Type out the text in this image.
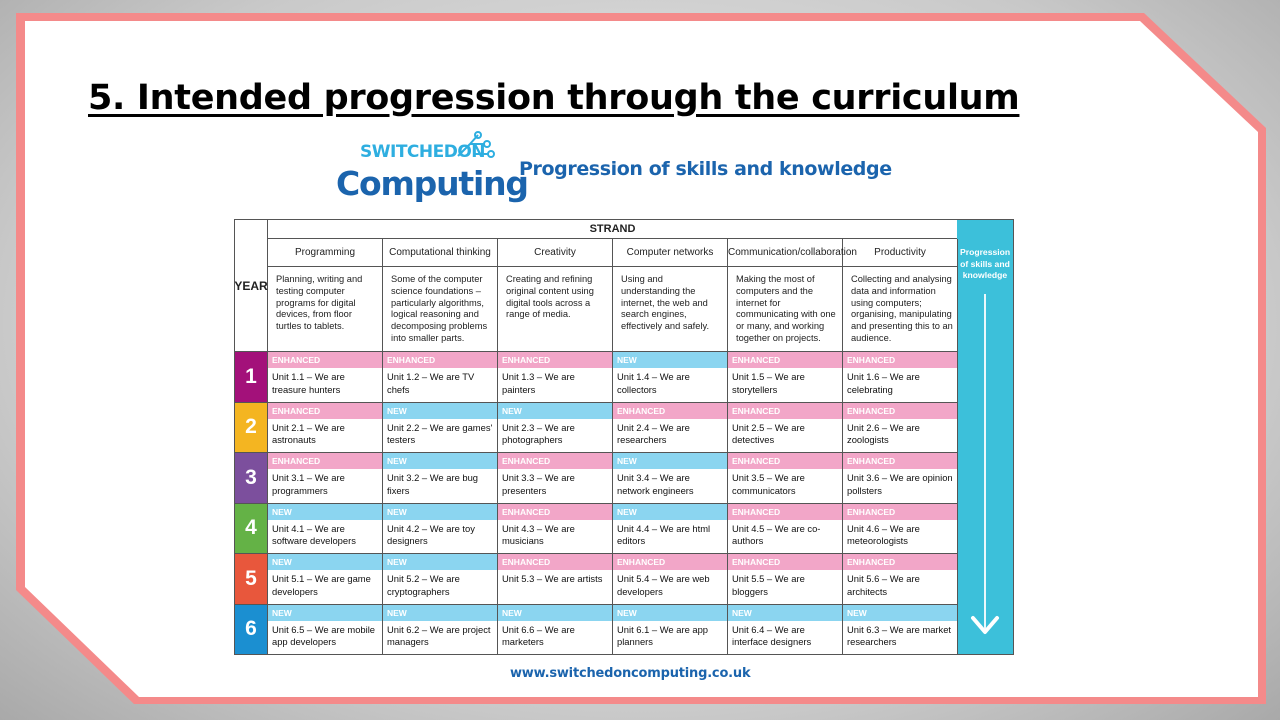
5. Intended progression through the curriculum
SWITCHEDON
Computing
Progression of skills and knowledge
YEAR
STRAND
Progression of skills and knowledge
Programming
Planning, writing and testing computer programs for digital devices, from floor turtles to tablets.
Computational thinking
Some of the computer science foundations – particularly algorithms, logical reasoning and decomposing problems into smaller parts.
Creativity
Creating and refining original content using digital tools across a range of media.
Computer networks
Using and understanding the internet, the web and search engines, effectively and safely.
Communication/collaboration
Making the most of computers and the internet for communicating with one or many, and working together on projects.
Productivity
Collecting and analysing data and information using computers; organising, manipulating and presenting this to an audience.
1
ENHANCED
Unit 1.1 – We are treasure hunters
ENHANCED
Unit 1.2 – We are TV chefs
ENHANCED
Unit 1.3 – We are painters
NEW
Unit 1.4 – We are collectors
ENHANCED
Unit 1.5 – We are storytellers
ENHANCED
Unit 1.6 – We are celebrating
2
ENHANCED
Unit 2.1 – We are astronauts
NEW
Unit 2.2 – We are games' testers
NEW
Unit 2.3 – We are photographers
ENHANCED
Unit 2.4 – We are researchers
ENHANCED
Unit 2.5 – We are detectives
ENHANCED
Unit 2.6 – We are zoologists
3
ENHANCED
Unit 3.1 – We are programmers
NEW
Unit 3.2 – We are bug fixers
ENHANCED
Unit 3.3 – We are presenters
NEW
Unit 3.4 – We are network engineers
ENHANCED
Unit 3.5 – We are communicators
ENHANCED
Unit 3.6 – We are opinion pollsters
4
NEW
Unit 4.1 – We are software developers
NEW
Unit 4.2 – We are toy designers
ENHANCED
Unit 4.3 – We are musicians
NEW
Unit 4.4 – We are html editors
ENHANCED
Unit 4.5 – We are co-authors
ENHANCED
Unit 4.6 – We are meteorologists
5
NEW
Unit 5.1 – We are game developers
NEW
Unit 5.2 – We are cryptographers
ENHANCED
Unit 5.3 – We are artists
ENHANCED
Unit 5.4 – We are web developers
ENHANCED
Unit 5.5 – We are bloggers
ENHANCED
Unit 5.6 – We are architects
6
NEW
Unit 6.5 – We are mobile app developers
NEW
Unit 6.2 – We are project managers
NEW
Unit 6.6 – We are marketers
NEW
Unit 6.1 – We are app planners
NEW
Unit 6.4 – We are interface designers
NEW
Unit 6.3 – We are market researchers
www.switchedoncomputing.co.uk
